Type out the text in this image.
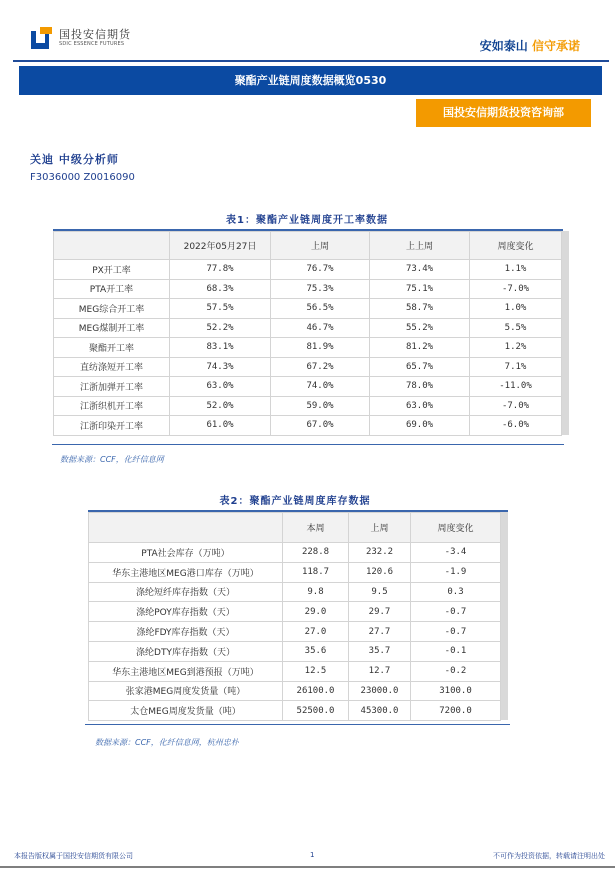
国投安信期货
SDIC ESSENCE FUTURES	安如泰山 信守承诺
聚酯产业链周度数据概览0530
国投安信期货投资咨询部
关迪 中级分析师
F3036000 Z0016090
表1：聚酯产业链周度开工率数据
	2022年05月27日	上周	上上周	周度变化
PX开工率	77.8%	76.7%	73.4%	1.1%
PTA开工率	68.3%	75.3%	75.1%	-7.0%
MEG综合开工率	57.5%	56.5%	58.7%	1.0%
MEG煤制开工率	52.2%	46.7%	55.2%	5.5%
聚酯开工率	83.1%	81.9%	81.2%	1.2%
直纺涤短开工率	74.3%	67.2%	65.7%	7.1%
江浙加弹开工率	63.0%	74.0%	78.0%	-11.0%
江浙织机开工率	52.0%	59.0%	63.0%	-7.0%
江浙印染开工率	61.0%	67.0%	69.0%	-6.0%
数据来源：CCF，化纤信息网
表2：聚酯产业链周度库存数据
	本周	上周	周度变化
PTA社会库存（万吨）	228.8	232.2	-3.4
华东主港地区MEG港口库存（万吨）	118.7	120.6	-1.9
涤纶短纤库存指数（天）	9.8	9.5	0.3
涤纶POY库存指数（天）	29.0	29.7	-0.7
涤纶FDY库存指数（天）	27.0	27.7	-0.7
涤纶DTY库存指数（天）	35.6	35.7	-0.1
华东主港地区MEG到港预报（万吨）	12.5	12.7	-0.2
张家港MEG周度发货量（吨）	26100.0	23000.0	3100.0
太仓MEG周度发货量（吨）	52500.0	45300.0	7200.0
数据来源：CCF，化纤信息网，杭州忠朴
本报告版权属于国投安信期货有限公司	1	不可作为投资依据，转载请注明出处
